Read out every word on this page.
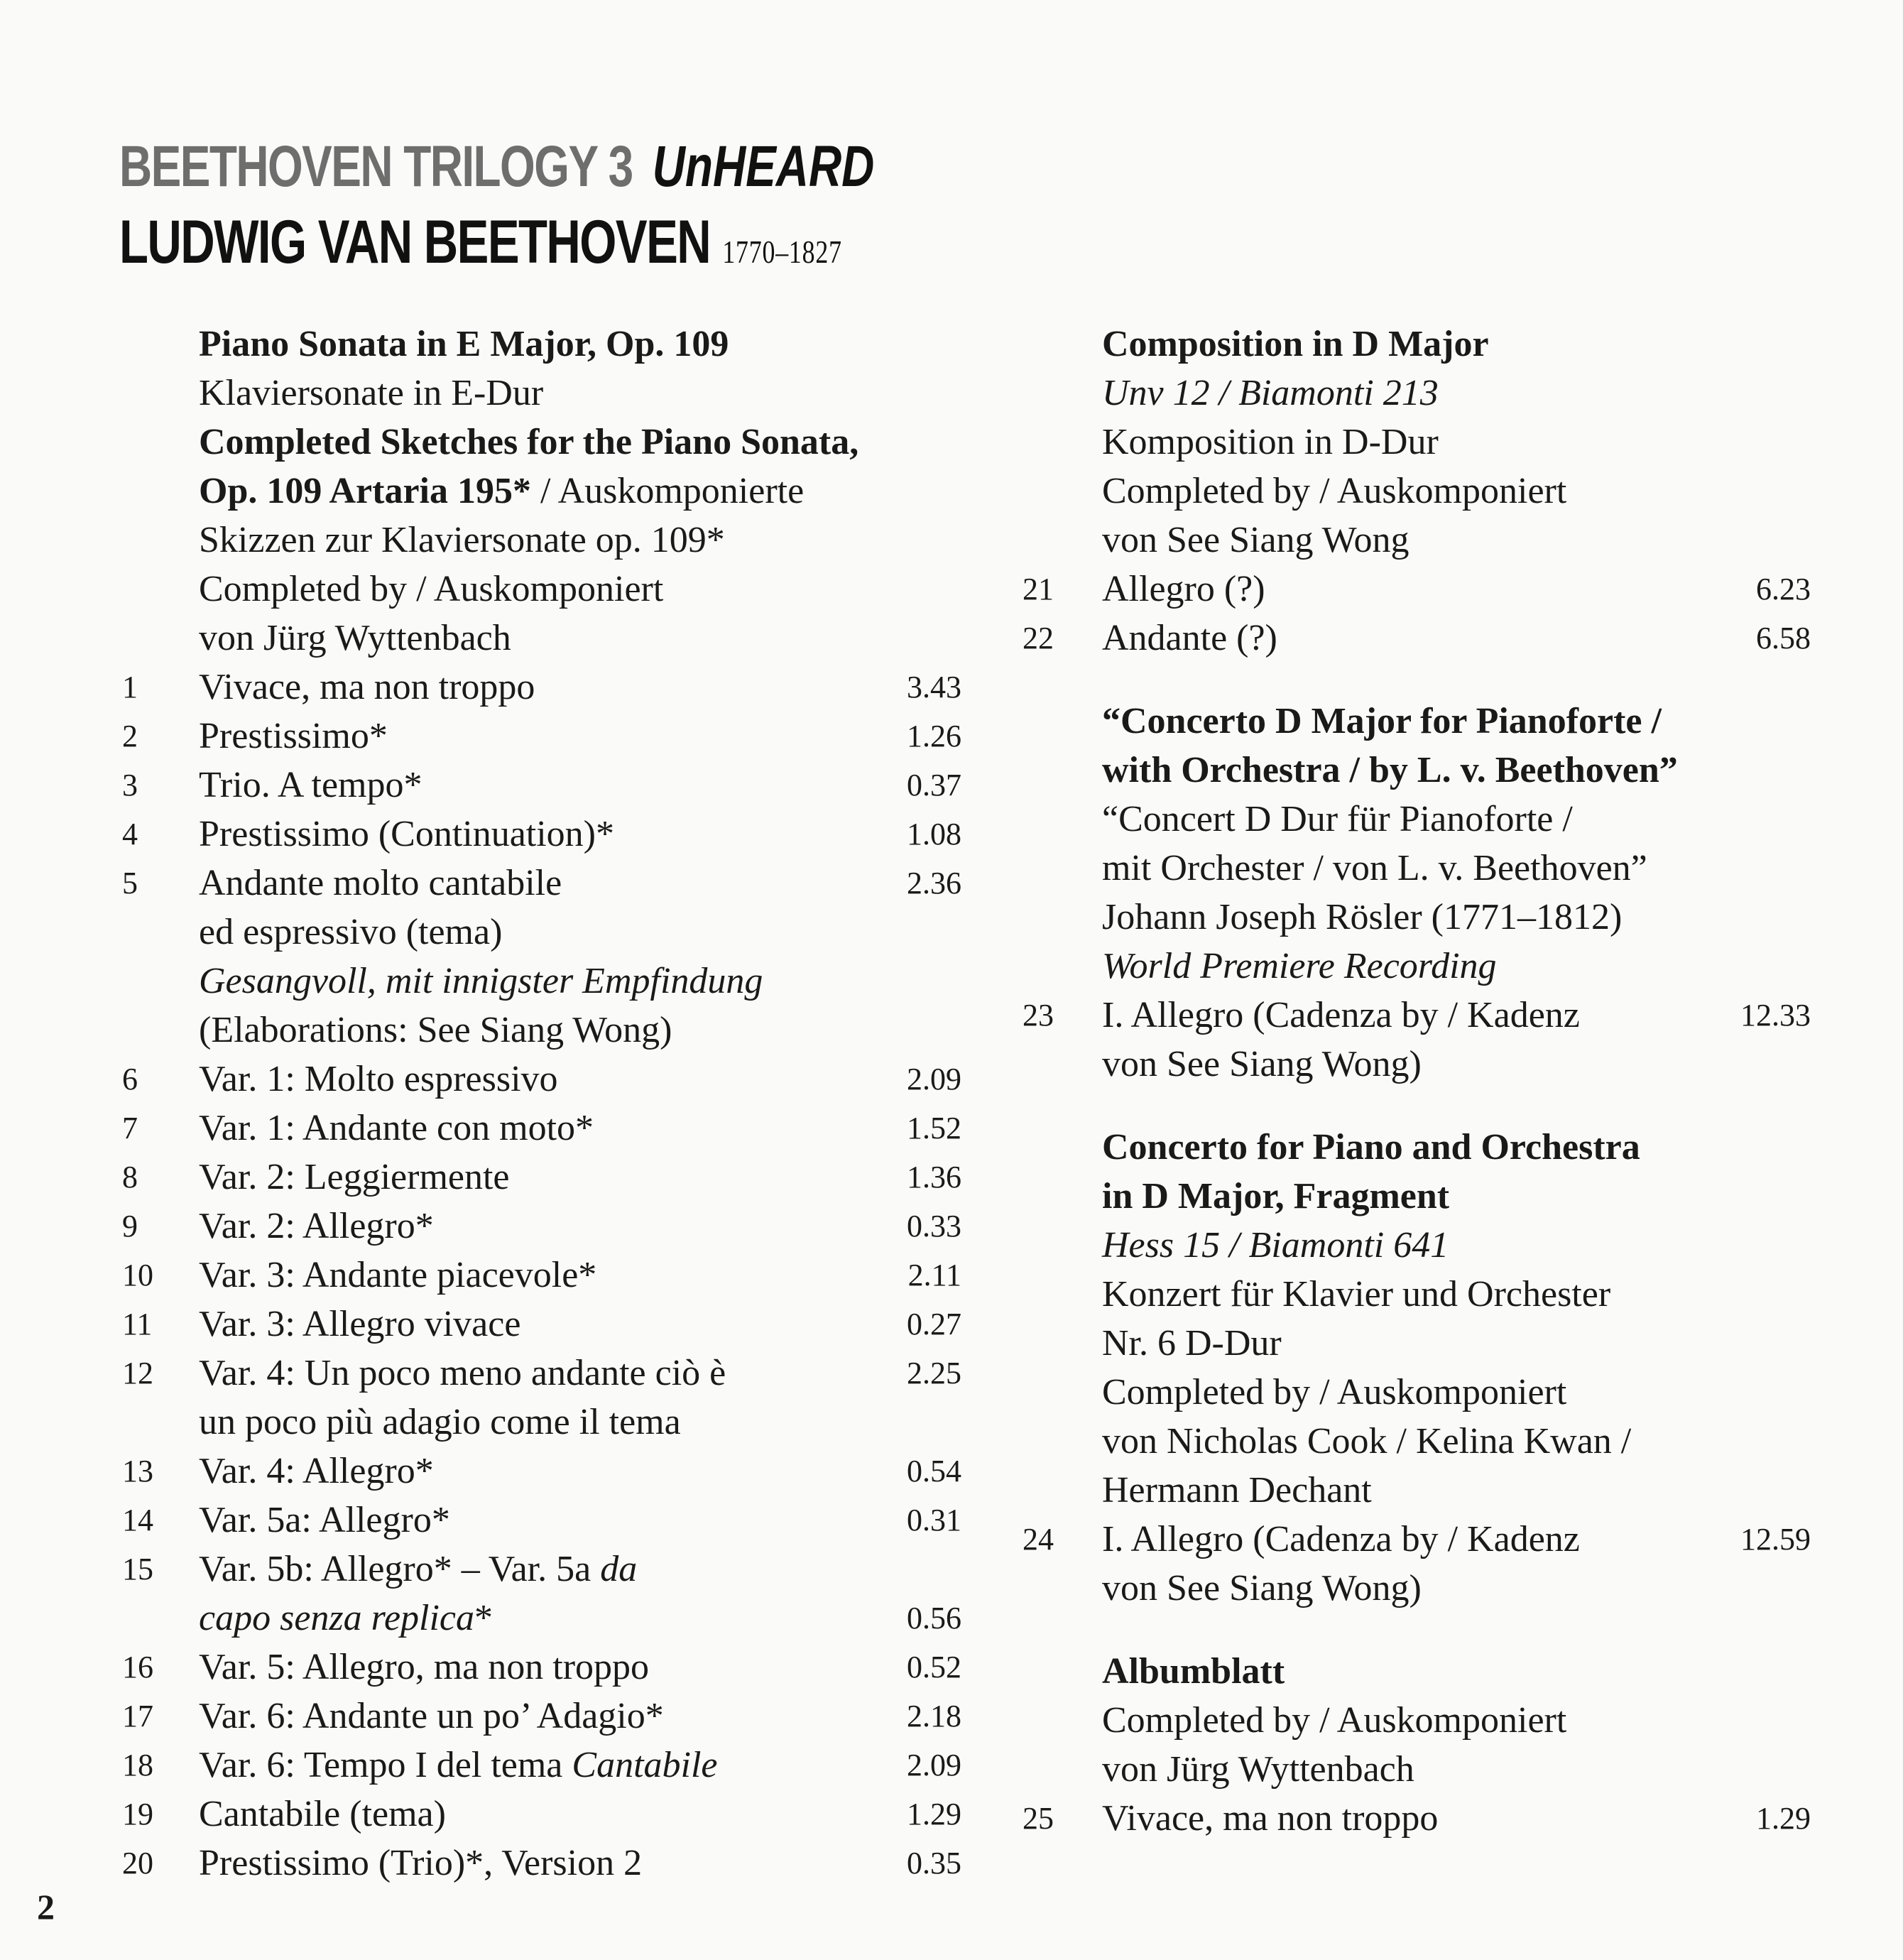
BEETHOVEN TRILOGY 3 UnHEARD
LUDWIG VAN BEETHOVEN 1770–1827
Piano Sonata in E Major, Op. 109
Klaviersonate in E-Dur
Completed Sketches for the Piano Sonata,
Op. 109 Artaria 195* / Auskomponierte
Skizzen zur Klaviersonate op. 109*
Completed by / Auskomponiert
von Jürg Wyttenbach
1 Vivace, ma non troppo	3.43
2 Prestissimo*	1.26
3 Trio. A tempo*	0.37
4 Prestissimo (Continuation)*	1.08
5 Andante molto cantabile	2.36
ed espressivo (tema)
Gesangvoll, mit innigster Empfindung
(Elaborations: See Siang Wong)
6 Var. 1: Molto espressivo	2.09
7 Var. 1: Andante con moto*	1.52
8 Var. 2: Leggiermente	1.36
9 Var. 2: Allegro*	0.33
10 Var. 3: Andante piacevole*	2.11
11 Var. 3: Allegro vivace	0.27
12 Var. 4: Un poco meno andante ciò è	2.25
un poco più adagio come il tema
13 Var. 4: Allegro*	0.54
14 Var. 5a: Allegro*	0.31
15 Var. 5b: Allegro* – Var. 5a da
capo senza replica*	0.56
16 Var. 5: Allegro, ma non troppo	0.52
17 Var. 6: Andante un po’ Adagio*	2.18
18 Var. 6: Tempo I del tema Cantabile	2.09
19 Cantabile (tema)	1.29
20 Prestissimo (Trio)*, Version 2	0.35
Composition in D Major
Unv 12 / Biamonti 213
Komposition in D-Dur
Completed by / Auskomponiert
von See Siang Wong
21 Allegro (?)	6.23
22 Andante (?)	6.58
“Concerto D Major for Pianoforte /
with Orchestra / by L. v. Beethoven”
“Concert D Dur für Pianoforte /
mit Orchester / von L. v. Beethoven”
Johann Joseph Rösler (1771–1812)
World Premiere Recording
23 I. Allegro (Cadenza by / Kadenz	12.33
von See Siang Wong)
Concerto for Piano and Orchestra
in D Major, Fragment
Hess 15 / Biamonti 641
Konzert für Klavier und Orchester
Nr. 6 D-Dur
Completed by / Auskomponiert
von Nicholas Cook / Kelina Kwan /
Hermann Dechant
24 I. Allegro (Cadenza by / Kadenz	12.59
von See Siang Wong)
Albumblatt
Completed by / Auskomponiert
von Jürg Wyttenbach
25 Vivace, ma non troppo	1.29
2
